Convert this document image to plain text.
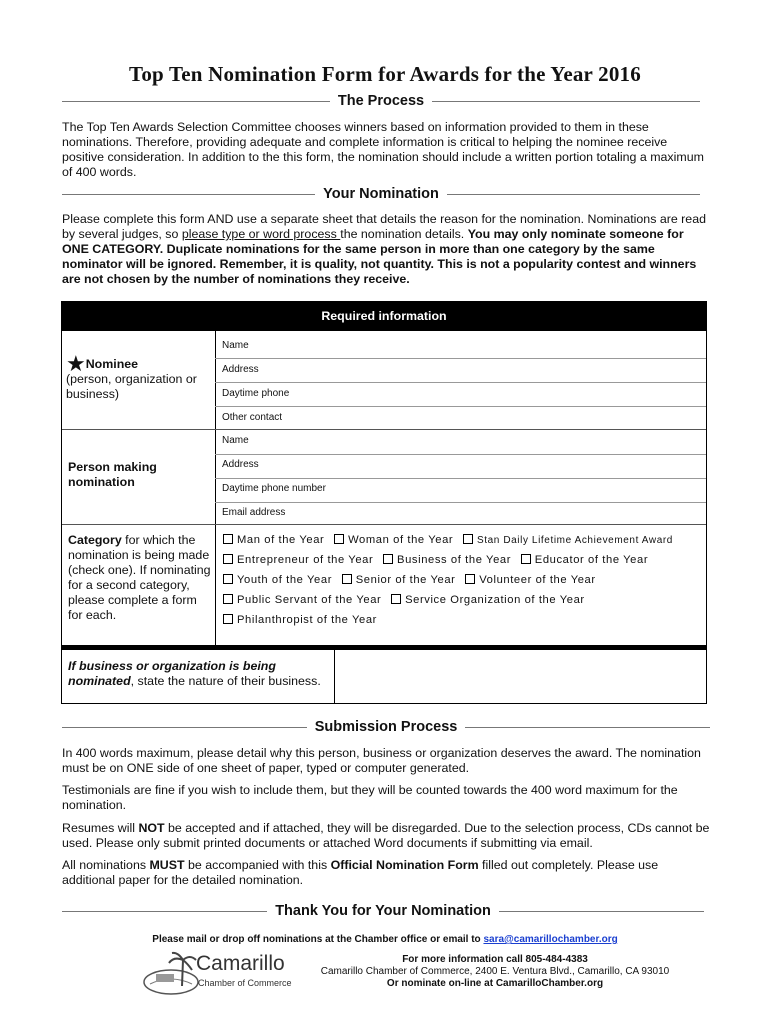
Top Ten Nomination Form for Awards for the Year 2016
The Process
The Top Ten Awards Selection Committee chooses winners based on information provided to them in these nominations. Therefore, providing adequate and complete information is critical to helping the nominee receive positive consideration. In addition to the this form, the nomination should include a written portion totaling a maximum of 400 words.
Your Nomination
Please complete this form AND use a separate sheet that details the reason for the nomination. Nominations are read by several judges, so please type or word process the nomination details. You may only nominate someone for ONE CATEGORY. Duplicate nominations for the same person in more than one category by the same nominator will be ignored. Remember, it is quality, not quantity. This is not a popularity contest and winners are not chosen by the number of nominations they receive.
Required information
★Nominee
(person, organization or business)
Name
Address
Daytime phone
Other contact
Person making nomination
Name
Address
Daytime phone number
Email address
Category for which the nomination is being made (check one). If nominating for a second category, please complete a form for each.
Man of the Year Woman of the Year Stan Daily Lifetime Achievement Award
Entrepreneur of the Year Business of the Year Educator of the Year
Youth of the Year Senior of the Year Volunteer of the Year
Public Servant of the Year Service Organization of the Year
Philanthropist of the Year
If business or organization is being nominated, state the nature of their business.
Submission Process
In 400 words maximum, please detail why this person, business or organization deserves the award. The nomination must be on ONE side of one sheet of paper, typed or computer generated.
Testimonials are fine if you wish to include them, but they will be counted towards the 400 word maximum for the nomination.
Resumes will NOT be accepted and if attached, they will be disregarded. Due to the selection process, CDs cannot be used. Please only submit printed documents or attached Word documents if submitting via email.
All nominations MUST be accompanied with this Official Nomination Form filled out completely. Please use additional paper for the detailed nomination.
Thank You for Your Nomination
Please mail or drop off nominations at the Chamber office or email to sara@camarillochamber.org
Camarillo
Chamber of Commerce
For more information call 805-484-4383
Camarillo Chamber of Commerce, 2400 E. Ventura Blvd., Camarillo, CA 93010
Or nominate on-line at CamarilloChamber.org
